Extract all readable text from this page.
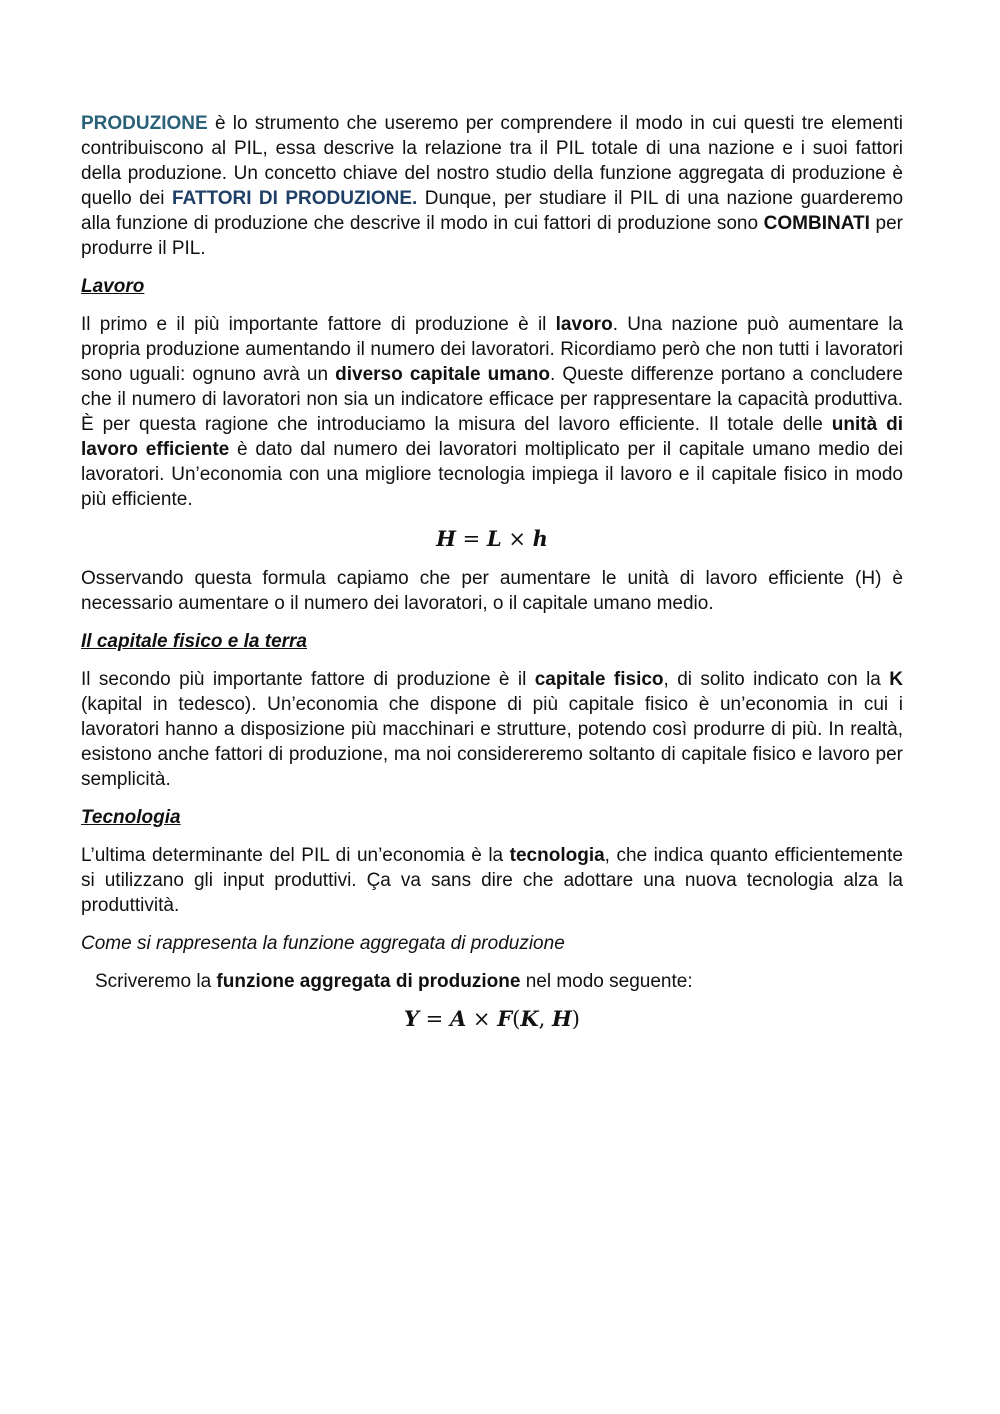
PRODUZIONE è lo strumento che useremo per comprendere il modo in cui questi tre elementi contribuiscono al PIL, essa descrive la relazione tra il PIL totale di una nazione e i suoi fattori della produzione. Un concetto chiave del nostro studio della funzione aggregata di produzione è quello dei FATTORI DI PRODUZIONE. Dunque, per studiare il PIL di una nazione guarderemo alla funzione di produzione che descrive il modo in cui fattori di produzione sono COMBINATI per produrre il PIL.

Lavoro

Il primo e il più importante fattore di produzione è il lavoro. Una nazione può aumentare la propria produzione aumentando il numero dei lavoratori. Ricordiamo però che non tutti i lavoratori sono uguali: ognuno avrà un diverso capitale umano. Queste differenze portano a concludere che il numero di lavoratori non sia un indicatore efficace per rappresentare la capacità produttiva. È per questa ragione che introduciamo la misura del lavoro efficiente. Il totale delle unità di lavoro efficiente è dato dal numero dei lavoratori moltiplicato per il capitale umano medio dei lavoratori. Un’economia con una migliore tecnologia impiega il lavoro e il capitale fisico in modo più efficiente.

H = L × h

Osservando questa formula capiamo che per aumentare le unità di lavoro efficiente (H) è necessario aumentare o il numero dei lavoratori, o il capitale umano medio.

Il capitale fisico e la terra

Il secondo più importante fattore di produzione è il capitale fisico, di solito indicato con la K (kapital in tedesco). Un’economia che dispone di più capitale fisico è un’economia in cui i lavoratori hanno a disposizione più macchinari e strutture, potendo così produrre di più. In realtà, esistono anche fattori di produzione, ma noi considereremo soltanto di capitale fisico e lavoro per semplicità.

Tecnologia

L’ultima determinante del PIL di un’economia è la tecnologia, che indica quanto efficientemente si utilizzano gli input produttivi. Ça va sans dire che adottare una nuova tecnologia alza la produttività.

Come si rappresenta la funzione aggregata di produzione

Scriveremo la funzione aggregata di produzione nel modo seguente:

Y = A × F(K, H)
